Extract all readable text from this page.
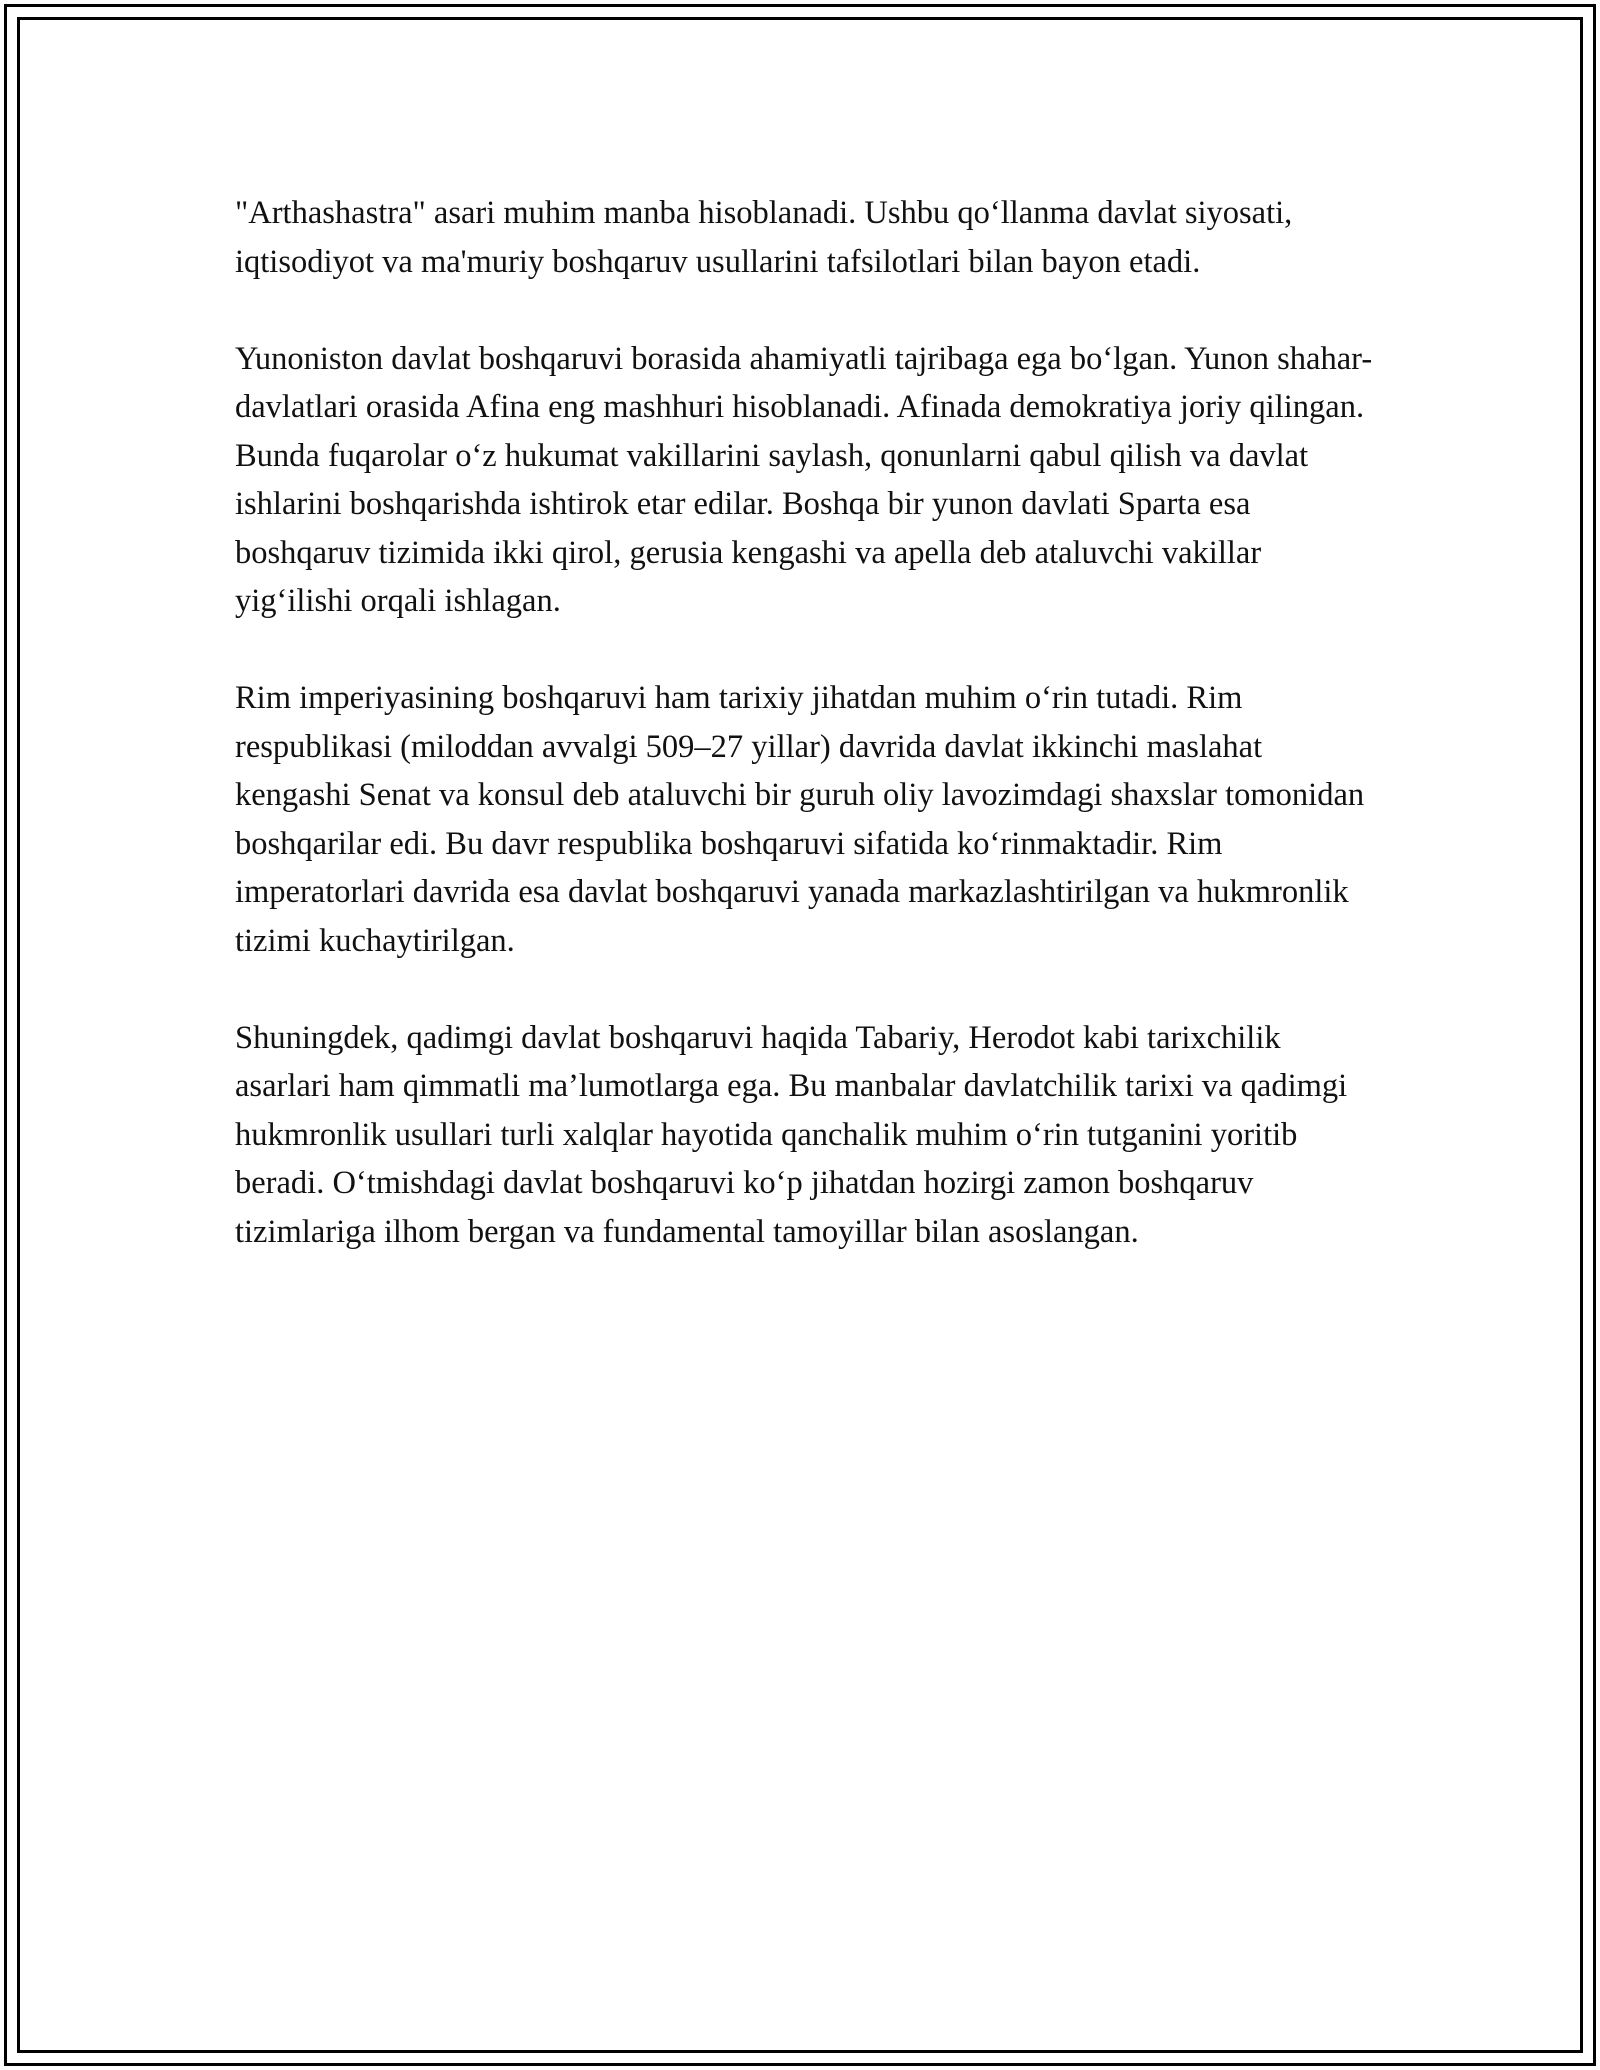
"Arthashastra" asari muhim manba hisoblanadi. Ushbu qo‘llanma davlat siyosati, iqtisodiyot va ma'muriy boshqaruv usullarini tafsilotlari bilan bayon etadi.

Yunoniston davlat boshqaruvi borasida ahamiyatli tajribaga ega bo‘lgan. Yunon shahar-davlatlari orasida Afina eng mashhuri hisoblanadi. Afinada demokratiya joriy qilingan. Bunda fuqarolar o‘z hukumat vakillarini saylash, qonunlarni qabul qilish va davlat ishlarini boshqarishda ishtirok etar edilar. Boshqa bir yunon davlati Sparta esa boshqaruv tizimida ikki qirol, gerusia kengashi va apella deb ataluvchi vakillar yig‘ilishi orqali ishlagan.

Rim imperiyasining boshqaruvi ham tarixiy jihatdan muhim o‘rin tutadi. Rim respublikasi (miloddan avvalgi 509–27 yillar) davrida davlat ikkinchi maslahat kengashi Senat va konsul deb ataluvchi bir guruh oliy lavozimdagi shaxslar tomonidan boshqarilar edi. Bu davr respublika boshqaruvi sifatida ko‘rinmaktadir. Rim imperatorlari davrida esa davlat boshqaruvi yanada markazlashtirilgan va hukmronlik tizimi kuchaytirilgan.

Shuningdek, qadimgi davlat boshqaruvi haqida Tabariy, Herodot kabi tarixchilik asarlari ham qimmatli ma’lumotlarga ega. Bu manbalar davlatchilik tarixi va qadimgi hukmronlik usullari turli xalqlar hayotida qanchalik muhim o‘rin tutganini yoritib beradi. O‘tmishdagi davlat boshqaruvi ko‘p jihatdan hozirgi zamon boshqaruv tizimlariga ilhom bergan va fundamental tamoyillar bilan asoslangan.
